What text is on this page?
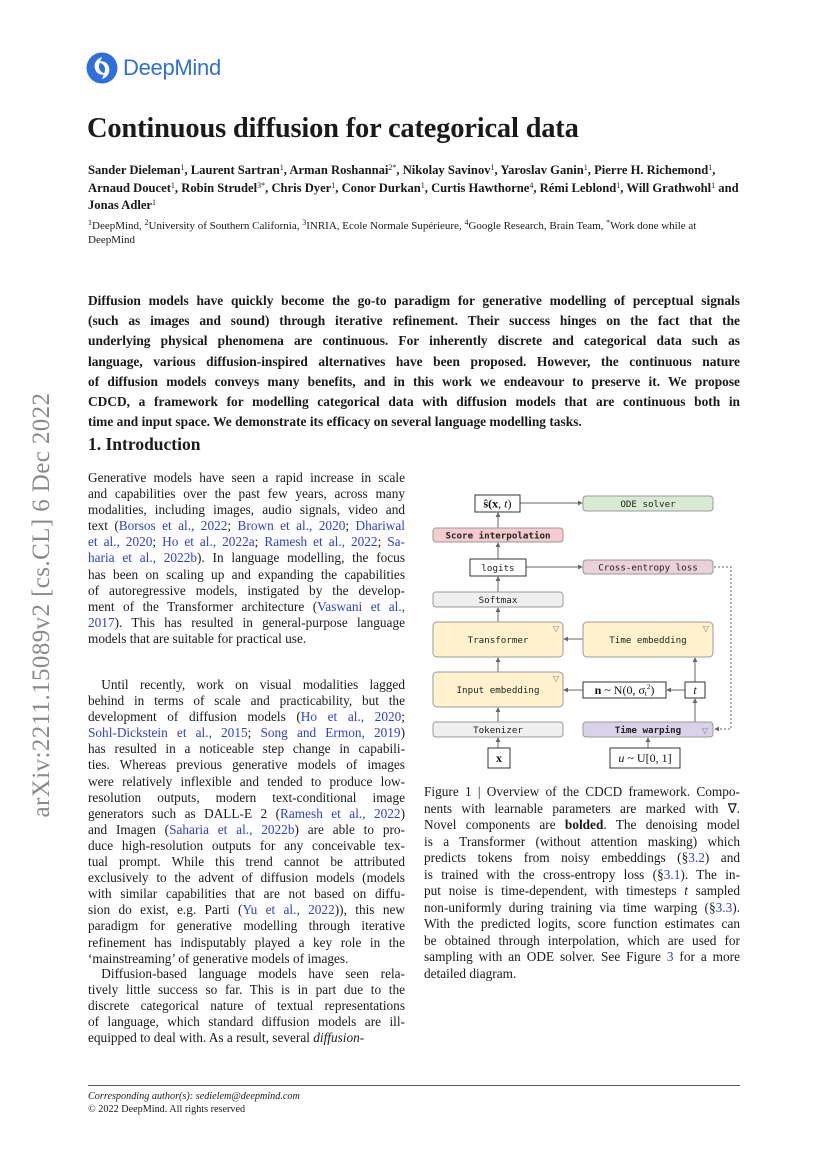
DeepMind
arXiv:2211.15089v2 [cs.CL] 6 Dec 2022
Continuous diffusion for categorical data
Sander Dieleman$^1$, Laurent Sartran$^1$, Arman Roshannai$^{2*}$, Nikolay Savinov$^1$, Yaroslav Ganin$^1$, Pierre H. Richemond$^1$, Arnaud Doucet$^1$, Robin Strudel$^{3*}$, Chris Dyer$^1$, Conor Durkan$^1$, Curtis Hawthorne$^4$, Rémi Leblond$^1$, Will Grathwohl$^1$ and Jonas Adler$^1$
$^1$DeepMind, $^2$University of Southern California, $^3$INRIA, Ecole Normale Supérieure, $^4$Google Research, Brain Team, *Work done while at DeepMind
Diffusion models have quickly become the go-to paradigm for generative modelling of perceptual signals
(such as images and sound) through iterative refinement. Their success hinges on the fact that the
underlying physical phenomena are continuous. For inherently discrete and categorical data such as
language, various diffusion-inspired alternatives have been proposed. However, the continuous nature
of diffusion models conveys many benefits, and in this work we endeavour to preserve it. We propose
CDCD, a framework for modelling categorical data with diffusion models that are continuous both in
time and input space. We demonstrate its efficacy on several language modelling tasks.
1. Introduction
Generative models have seen a rapid increase in scale
and capabilities over the past few years, across many
modalities, including images, audio signals, video and
text (Borsos et al., 2022; Brown et al., 2020; Dhariwal
et al., 2020; Ho et al., 2022a; Ramesh et al., 2022; Sa-
haria et al., 2022b). In language modelling, the focus
has been on scaling up and expanding the capabilities
of autoregressive models, instigated by the develop-
ment of the Transformer architecture (Vaswani et al.,
2017). This has resulted in general-purpose language
models that are suitable for practical use.
 Until recently, work on visual modalities lagged
behind in terms of scale and practicability, but the
development of diffusion models (Ho et al., 2020;
Sohl-Dickstein et al., 2015; Song and Ermon, 2019)
has resulted in a noticeable step change in capabili-
ties. Whereas previous generative models of images
were relatively inflexible and tended to produce low-
resolution outputs, modern text-conditional image
generators such as DALL-E 2 (Ramesh et al., 2022)
and Imagen (Saharia et al., 2022b) are able to pro-
duce high-resolution outputs for any conceivable tex-
tual prompt. While this trend cannot be attributed
exclusively to the advent of diffusion models (models
with similar capabilities that are not based on diffu-
sion do exist, e.g. Parti (Yu et al., 2022)), this new
paradigm for generative modelling through iterative
refinement has indisputably played a key role in the
‘mainstreaming’ of generative models of images.
 Diffusion-based language models have seen rela-
tively little success so far. This is in part due to the
discrete categorical nature of textual representations
of language, which standard diffusion models are ill-
equipped to deal with. As a result, several diffusion-
ŝ(x, t)	ODE solver
Score interpolation
logits	Cross-entropy loss
Softmax
Transformer
▽
Time embedding
▽
Input embedding
▽
n ~ N(0, $\sigma t^2$)	t
Tokenizer	Time warping	▽
x	u ~ U[0, 1]
Figure 1 | Overview of the CDCD framework. Compo-
nents with learnable parameters are marked with ∇.
Novel components are bolded. The denoising model
is a Transformer (without attention masking) which
predicts tokens from noisy embeddings (§3.2) and
is trained with the cross-entropy loss (§3.1). The in-
put noise is time-dependent, with timesteps t sampled
non-uniformly during training via time warping (§3.3).
With the predicted logits, score function estimates can
be obtained through interpolation, which are used for
sampling with an ODE solver. See Figure 3 for a more
detailed diagram.
Corresponding author(s): sedielem@deepmind.com
© 2022 DeepMind. All rights reserved
